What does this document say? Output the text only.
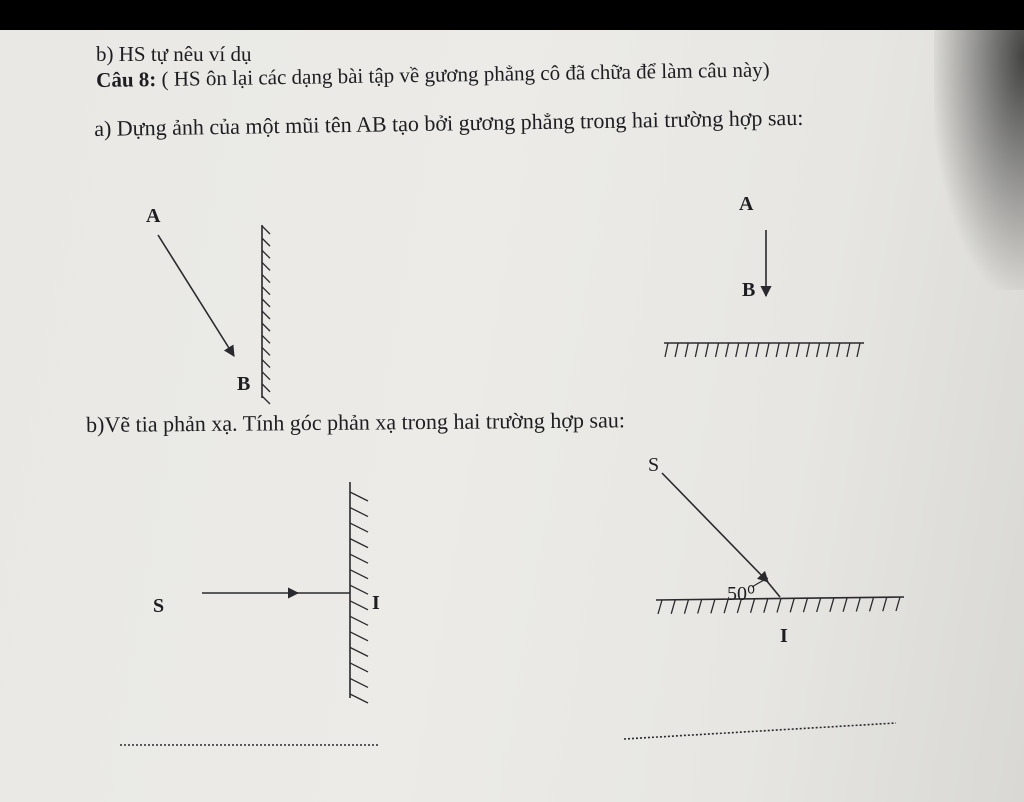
b) HS tự nêu ví dụ
Câu 8: ( HS ôn lại các dạng bài tập về gương phẳng cô đã chữa để làm câu này)
a) Dựng ảnh của một mũi tên AB tạo bởi gương phẳng trong hai trường hợp sau:
b)Vẽ tia phản xạ. Tính góc phản xạ trong hai trường hợp sau:
A
B
A
B
S	I
S
I
50⁰
